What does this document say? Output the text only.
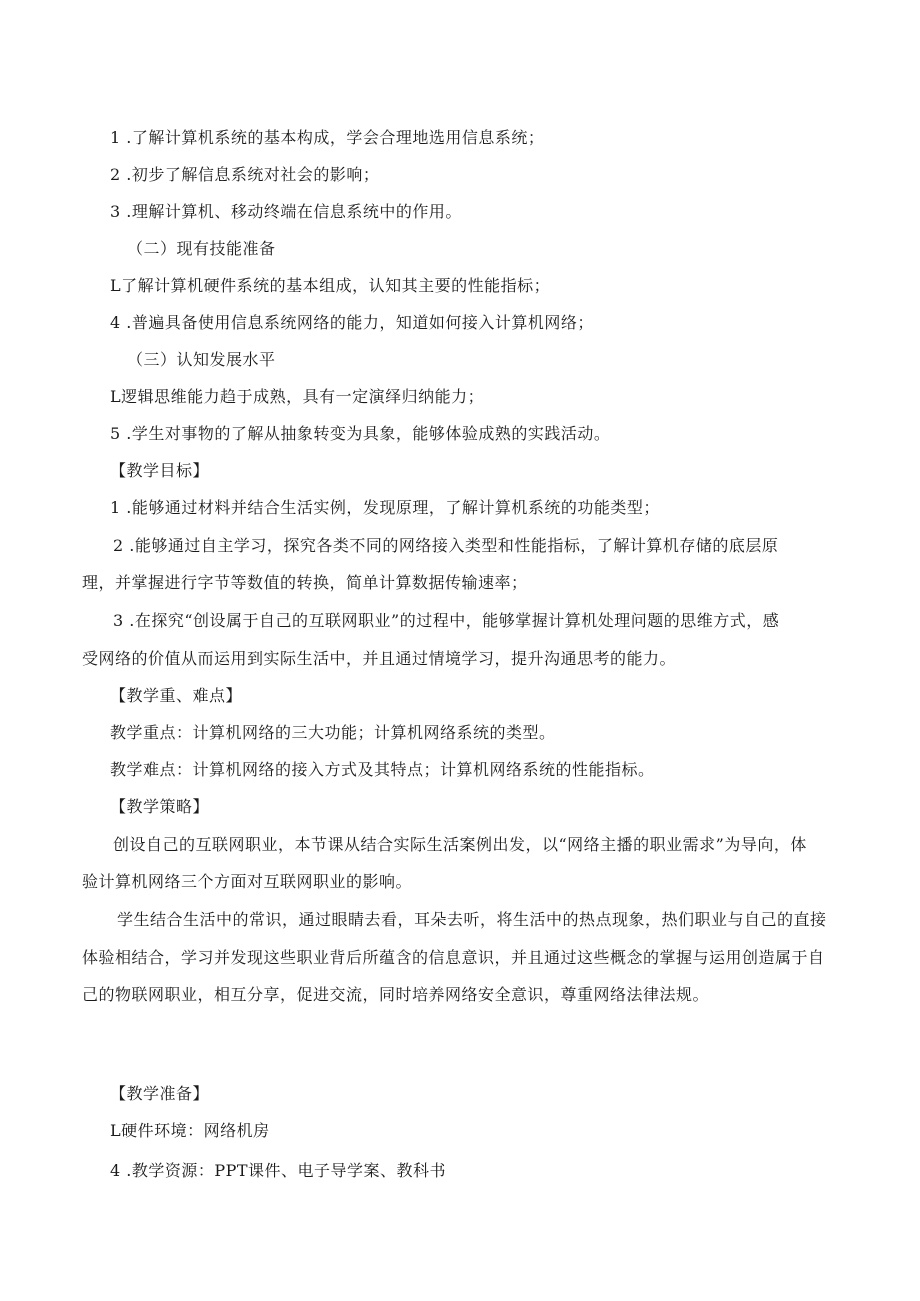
1 .了解计算机系统的基本构成，学会合理地选用信息系统；
2 .初步了解信息系统对社会的影响；
3 .理解计算机、移动终端在信息系统中的作用。
（二）现有技能准备
L了解计算机硬件系统的基本组成，认知其主要的性能指标；
4 .普遍具备使用信息系统网络的能力，知道如何接入计算机网络；
（三）认知发展水平
L逻辑思维能力趋于成熟，具有一定演绎归纳能力；
5 .学生对事物的了解从抽象转变为具象，能够体验成熟的实践活动。
【教学目标】
1 .能够通过材料并结合生活实例，发现原理，了解计算机系统的功能类型；
2 .能够通过自主学习，探究各类不同的网络接入类型和性能指标，了解计算机存储的底层原
理，并掌握进行字节等数值的转换，简单计算数据传输速率；
3 .在探究“创设属于自己的互联网职业”的过程中，能够掌握计算机处理问题的思维方式，感
受网络的价值从而运用到实际生活中，并且通过情境学习，提升沟通思考的能力。
【教学重、难点】
教学重点：计算机网络的三大功能；计算机网络系统的类型。
教学难点：计算机网络的接入方式及其特点；计算机网络系统的性能指标。
【教学策略】
创设自己的互联网职业，本节课从结合实际生活案例出发，以“网络主播的职业需求”为导向，体
验计算机网络三个方面对互联网职业的影响。
学生结合生活中的常识，通过眼睛去看，耳朵去听，将生活中的热点现象，热们职业与自己的直接
体验相结合，学习并发现这些职业背后所蕴含的信息意识，并且通过这些概念的掌握与运用创造属于自
己的物联网职业，相互分享，促进交流，同时培养网络安全意识，尊重网络法律法规。
【教学准备】
L硬件环境：网络机房
4 .教学资源：PPT课件、电子导学案、教科书
